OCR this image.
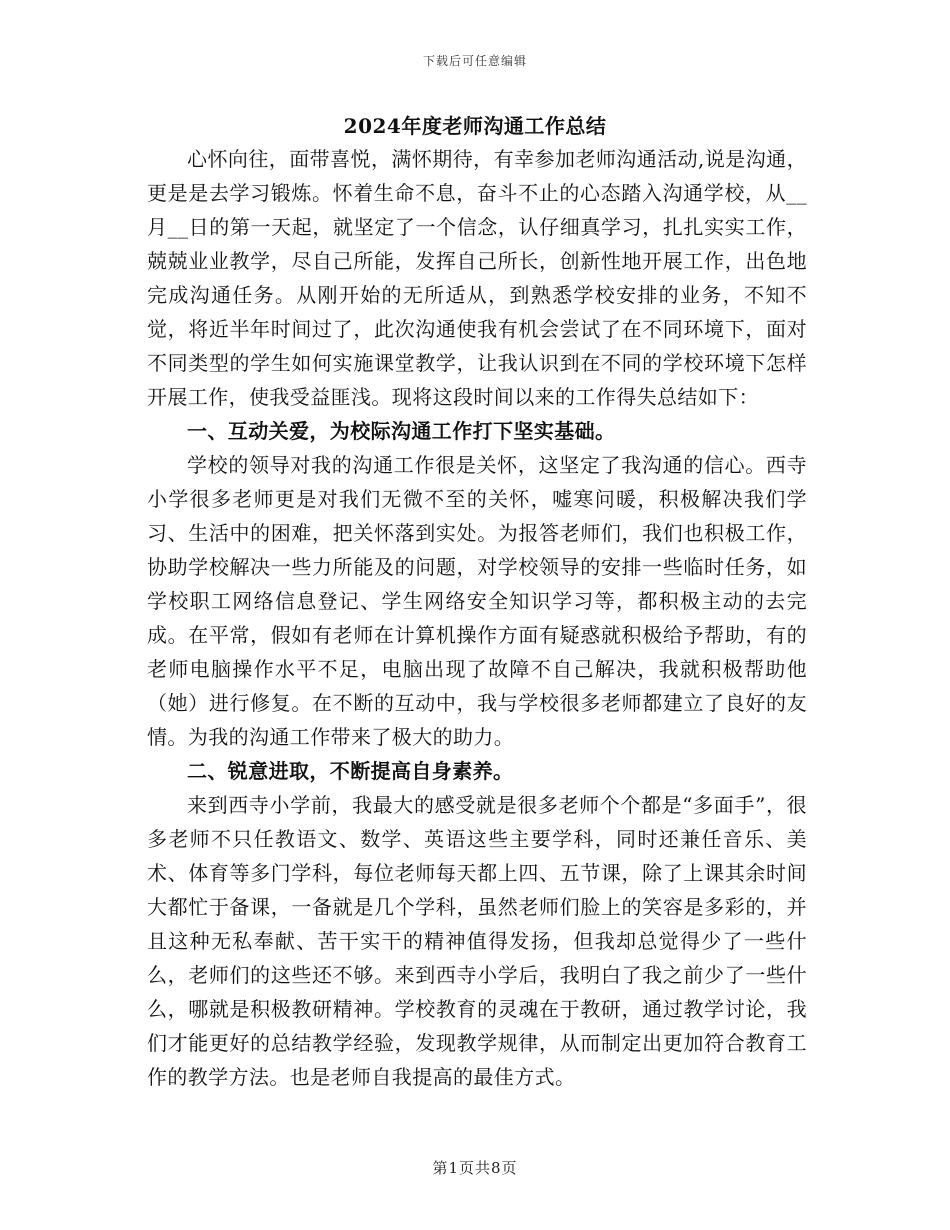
下载后可任意编辑
2024年度老师沟通工作总结

心怀向往，面带喜悦，满怀期待，有幸参加老师沟通活动,说是沟通，更是是去学习锻炼。怀着生命不息，奋斗不止的心态踏入沟通学校，从__月__日的第一天起，就坚定了一个信念，认仔细真学习，扎扎实实工作，兢兢业业教学，尽自己所能，发挥自己所长，创新性地开展工作，出色地完成沟通任务。从刚开始的无所适从，到熟悉学校安排的业务，不知不觉，将近半年时间过了，此次沟通使我有机会尝试了在不同环境下，面对不同类型的学生如何实施课堂教学，让我认识到在不同的学校环境下怎样开展工作，使我受益匪浅。现将这段时间以来的工作得失总结如下：

一、互动关爱，为校际沟通工作打下坚实基础。

学校的领导对我的沟通工作很是关怀，这坚定了我沟通的信心。西寺小学很多老师更是对我们无微不至的关怀，嘘寒问暖，积极解决我们学习、生活中的困难，把关怀落到实处。为报答老师们，我们也积极工作，协助学校解决一些力所能及的问题，对学校领导的安排一些临时任务，如学校职工网络信息登记、学生网络安全知识学习等，都积极主动的去完成。在平常，假如有老师在计算机操作方面有疑惑就积极给予帮助，有的老师电脑操作水平不足，电脑出现了故障不自己解决，我就积极帮助他（她）进行修复。在不断的互动中，我与学校很多老师都建立了良好的友情。为我的沟通工作带来了极大的助力。

二、锐意进取，不断提高自身素养。

来到西寺小学前，我最大的感受就是很多老师个个都是“多面手”，很多老师不只任教语文、数学、英语这些主要学科，同时还兼任音乐、美术、体育等多门学科，每位老师每天都上四、五节课，除了上课其余时间大都忙于备课，一备就是几个学科，虽然老师们脸上的笑容是多彩的，并且这种无私奉献、苦干实干的精神值得发扬，但我却总觉得少了一些什么，老师们的这些还不够。来到西寺小学后，我明白了我之前少了一些什么，哪就是积极教研精神。学校教育的灵魂在于教研，通过教学讨论，我们才能更好的总结教学经验，发现教学规律，从而制定出更加符合教育工作的教学方法。也是老师自我提高的最佳方式。

第1页共8页
